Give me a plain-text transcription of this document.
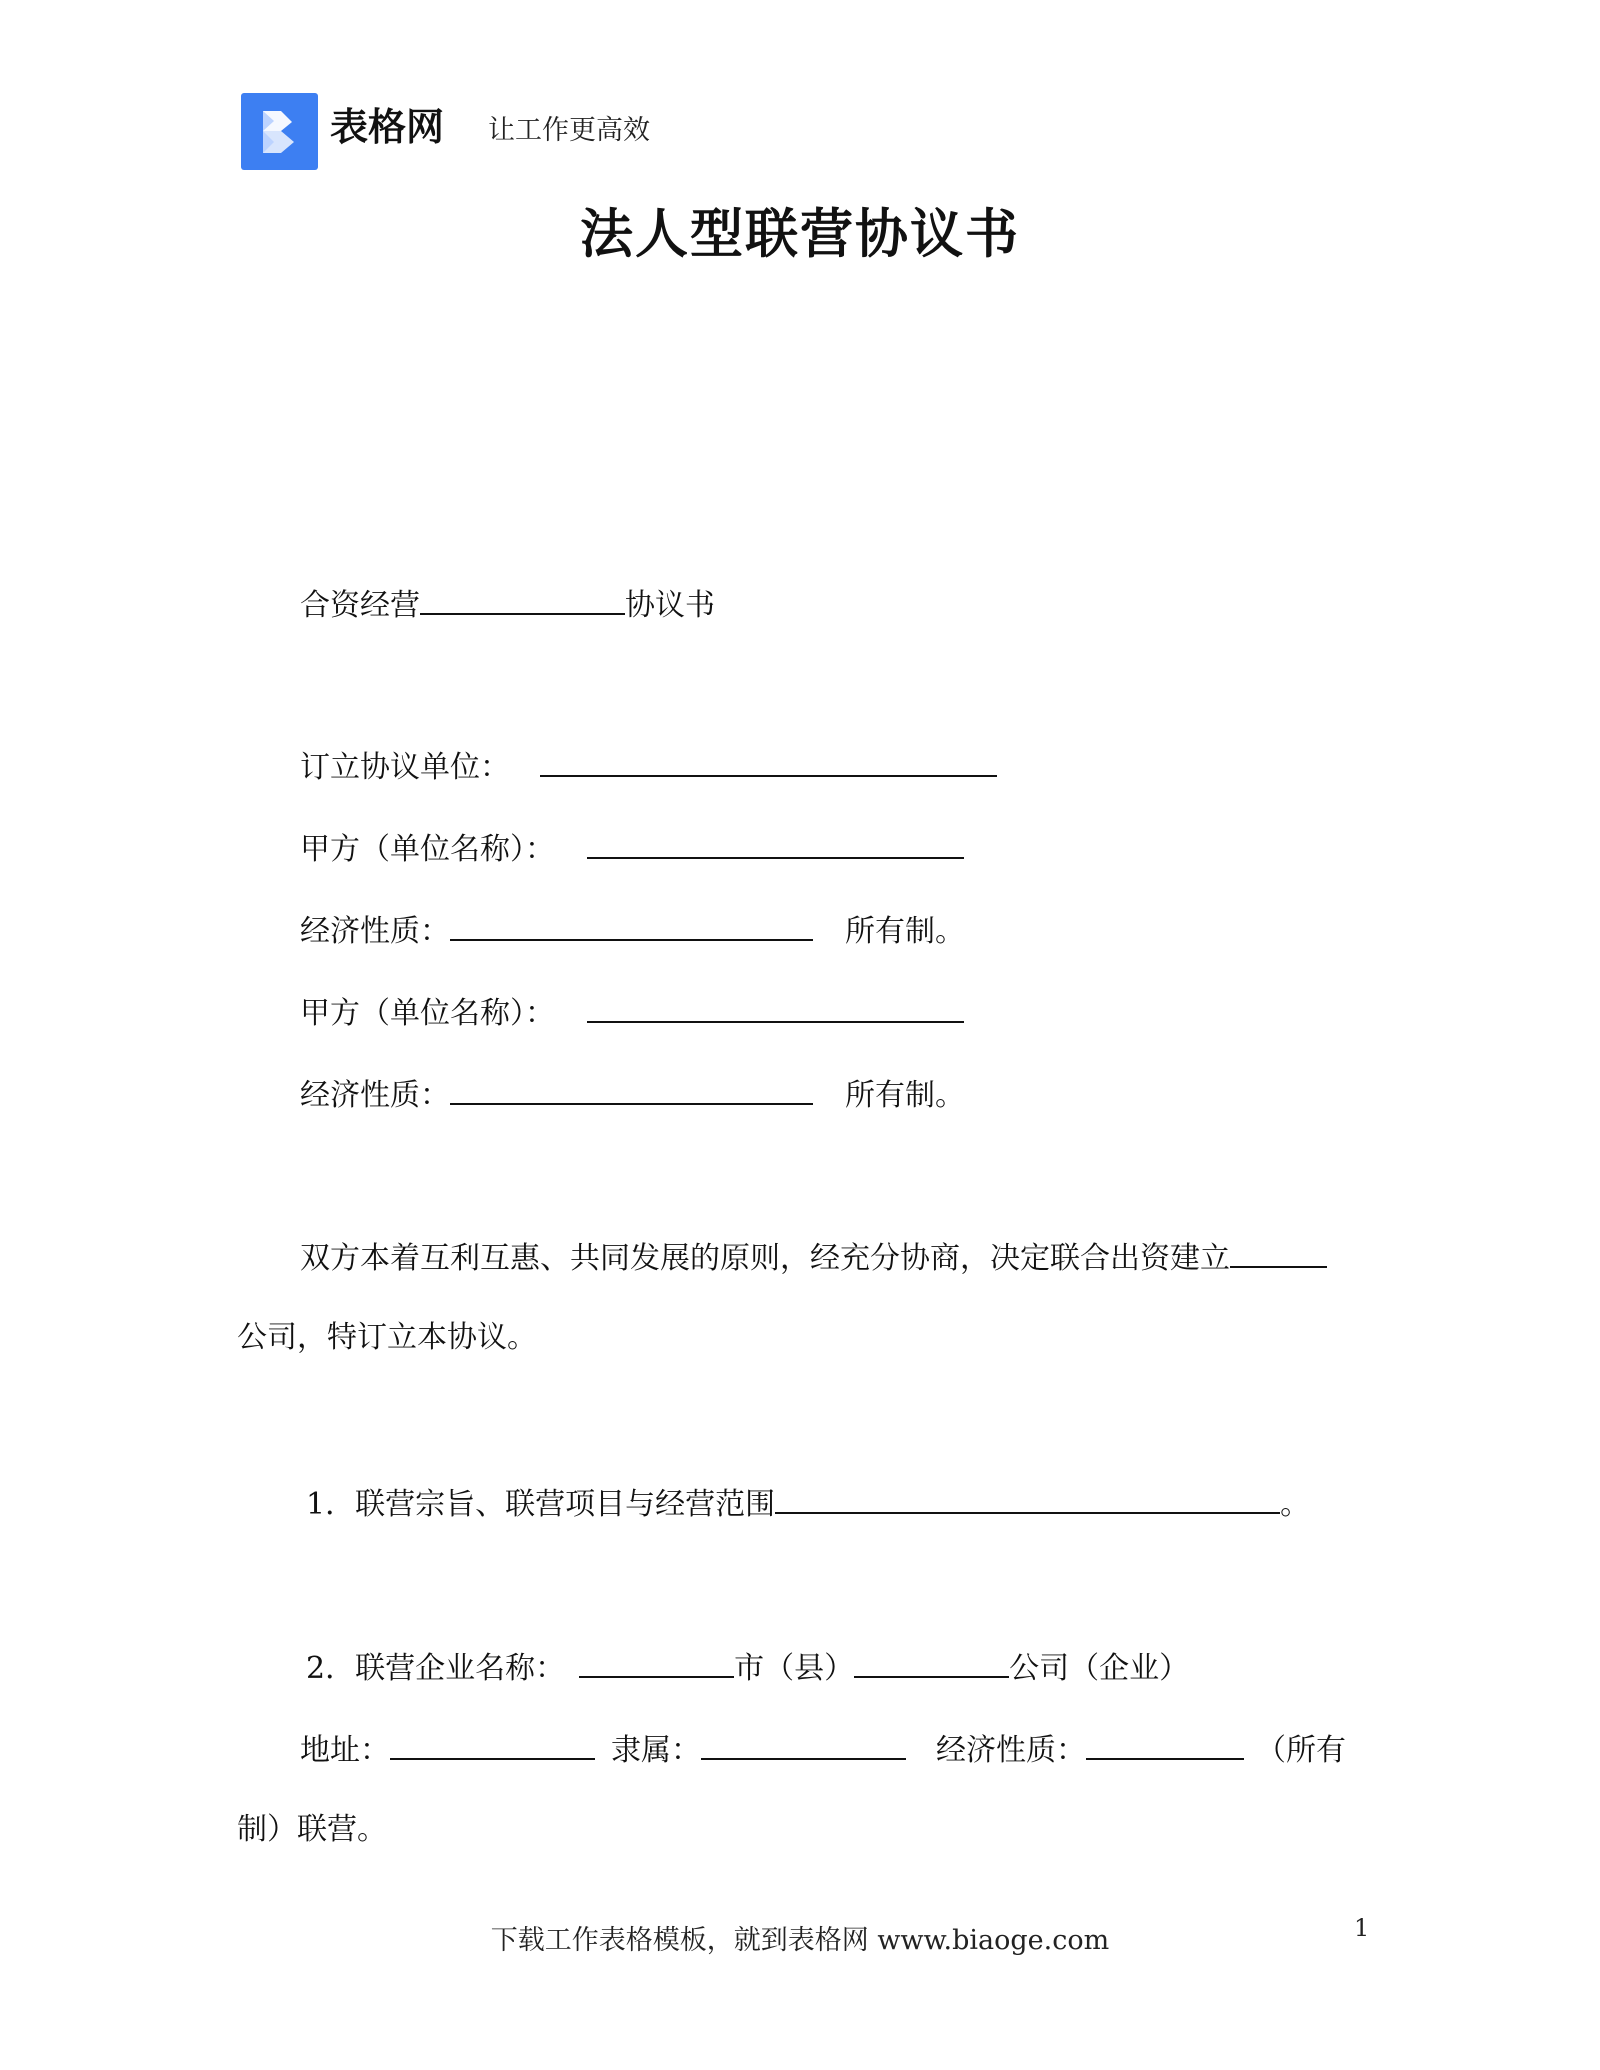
表格网 让工作更高效
法人型联营协议书
合资经营	协议书
订立协议单位：
甲方（单位名称）：
经济性质：	所有制。
甲方（单位名称）：
经济性质：	所有制。
双方本着互利互惠、共同发展的原则，经充分协商，决定联合出资建立
公司，特订立本协议。
1．联营宗旨、联营项目与经营范围	。
2．联营企业名称：	市（县）	公司（企业）
地址：	隶属：	经济性质：	（所有
制）联营。
下载工作表格模板，就到表格网 www.biaoge.com	1
